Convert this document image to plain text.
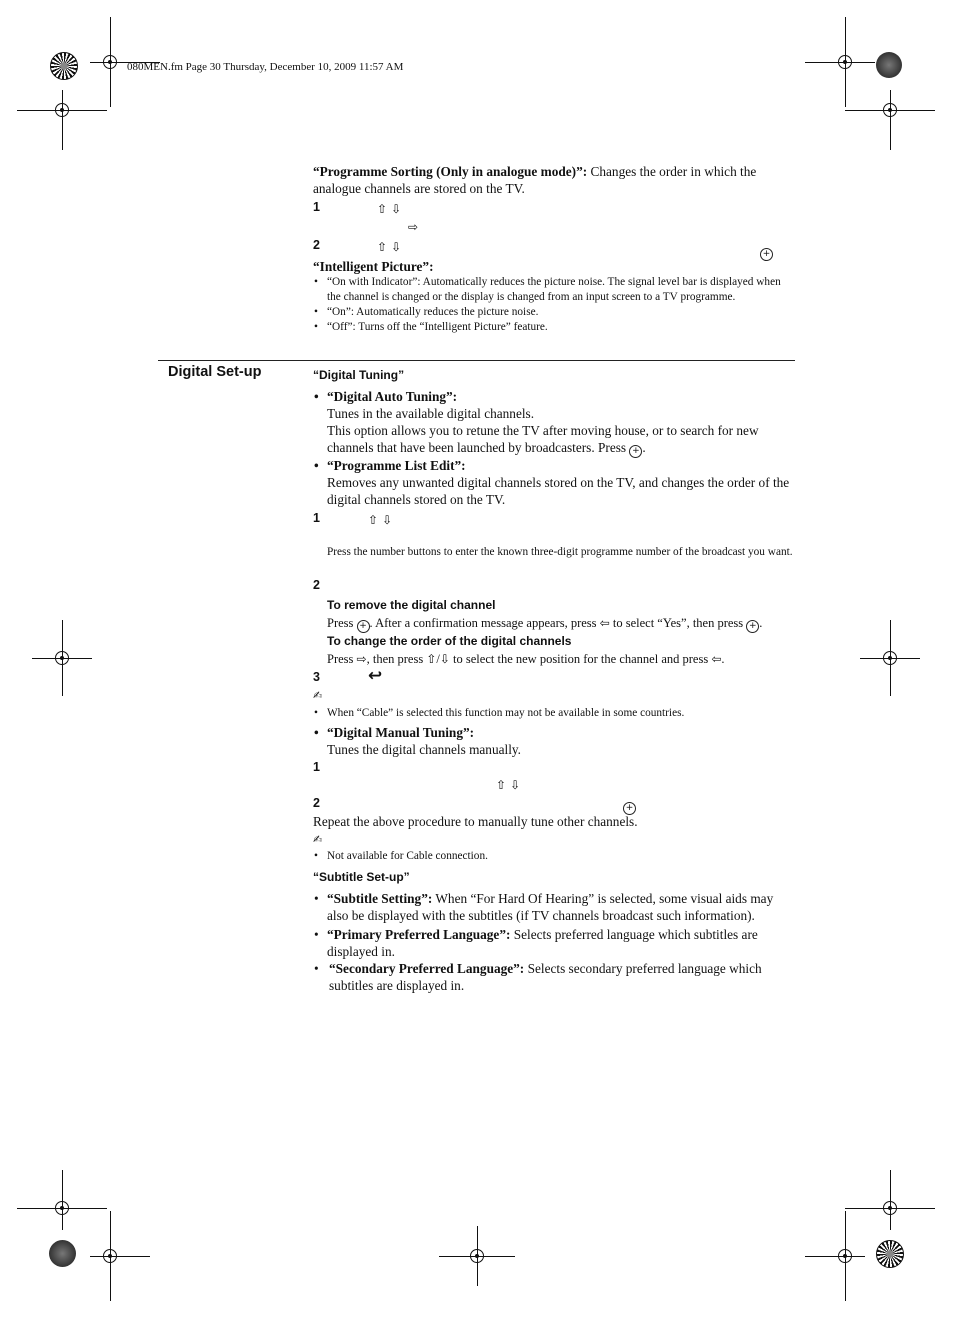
080MEN.fm Page 30 Thursday, December 10, 2009 11:57 AM

“Programme Sorting (Only in analogue mode)”: Changes the order in which the analogue channels are stored on the TV.

1	⇧ ⇩
⇨
2	⇧ ⇩	+

“Intelligent Picture”:

• “On with Indicator”: Automatically reduces the picture noise. The signal level bar is displayed when the channel is changed or the display is changed from an input screen to a TV programme.
• “On”: Automatically reduces the picture noise.
• “Off”: Turns off the “Intelligent Picture” feature.
Digital Set-up	“Digital Tuning”
• “Digital Auto Tuning”:

Tunes in the available digital channels.

This option allows you to retune the TV after moving house, or to search for new channels that have been launched by broadcasters. Press + .

• “Programme List Edit”:

Removes any unwanted digital channels stored on the TV, and changes the order of the digital channels stored on the TV.

1	⇧ ⇩
Press the number buttons to enter the known three-digit programme number of the broadcast you want.
2
To remove the digital channel
Press + . After a confirmation message appears, press ⇦ to select “Yes”, then press + .
To change the order of the digital channels
Press ⇨, then press ⇧/⇩ to select the new position for the channel and press ⇦.
3	↩
✍
• When “Cable” is selected this function may not be available in some countries.
• “Digital Manual Tuning”:

Tunes the digital channels manually.

1
⇧ ⇩
2	+
Repeat the above procedure to manually tune other channels.
✍
• Not available for Cable connection.
“Subtitle Set-up”
• “Subtitle Setting”: When “For Hard Of Hearing” is selected, some visual aids may also be displayed with the subtitles (if TV channels broadcast such information).
• “Primary Preferred Language”: Selects preferred language which subtitles are displayed in.
• “Secondary Preferred Language”: Selects secondary preferred language which subtitles are displayed in.
